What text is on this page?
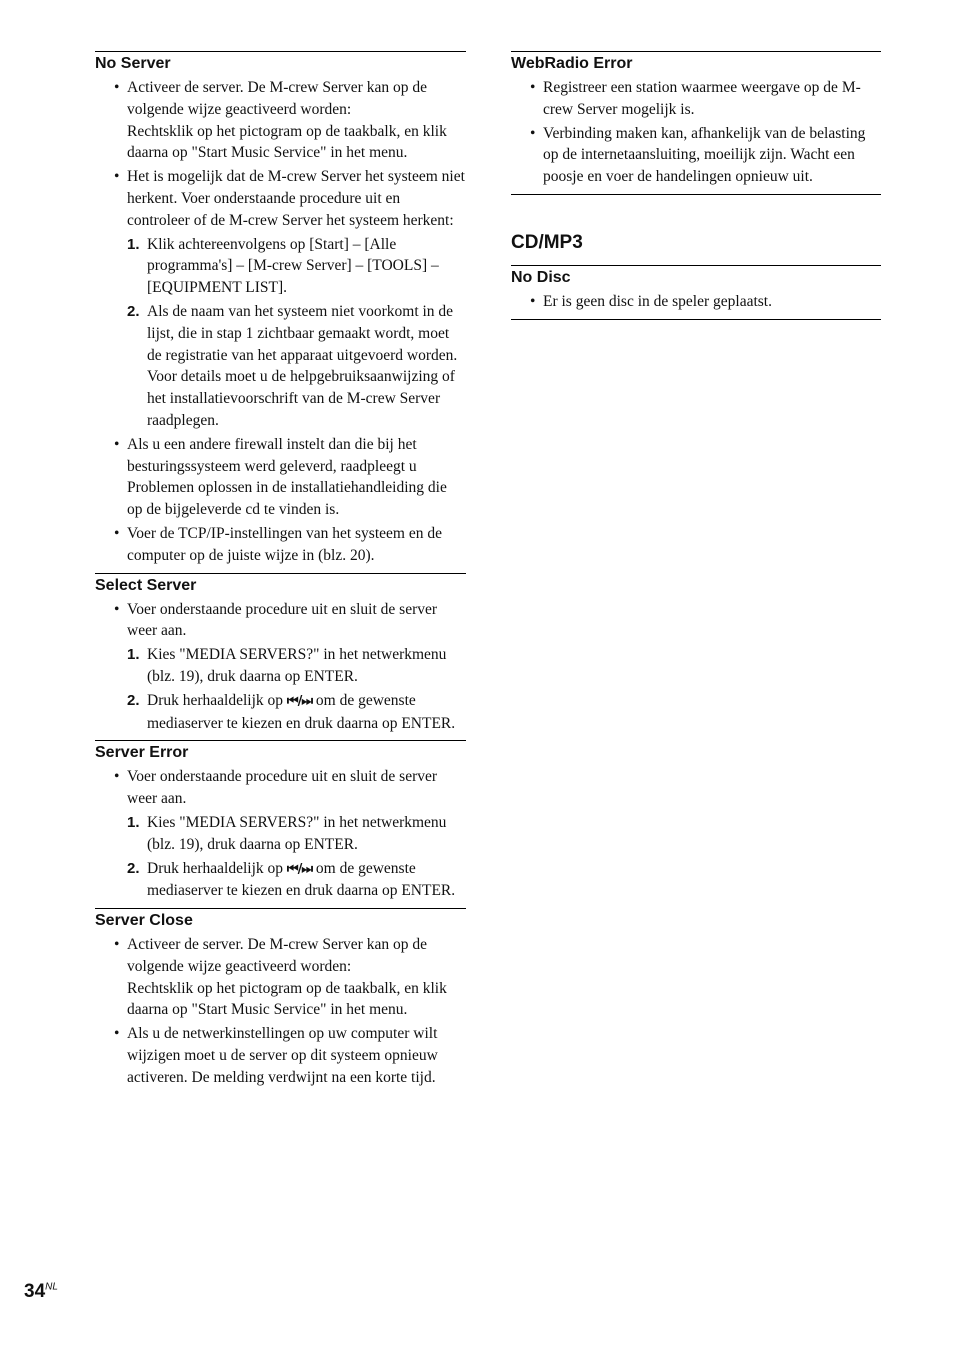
No Server
• Activeer de server. De M-crew Server kan op de volgende wijze geactiveerd worden:
Rechtsklik op het pictogram op de taakbalk, en klik daarna op "Start Music Service" in het menu.
• Het is mogelijk dat de M-crew Server het systeem niet herkent. Voer onderstaande procedure uit en controleer of de M-crew Server het systeem herkent:
1. Klik achtereenvolgens op [Start] – [Alle programma's] – [M-crew Server] – [TOOLS] – [EQUIPMENT LIST].
2. Als de naam van het systeem niet voorkomt in de lijst, die in stap 1 zichtbaar gemaakt wordt, moet de registratie van het apparaat uitgevoerd worden. Voor details moet u de helpgebruiksaanwijzing of het installatievoorschrift van de M-crew Server raadplegen.
• Als u een andere firewall instelt dan die bij het besturingssysteem werd geleverd, raadpleegt u Problemen oplossen in de installatiehandleiding die op de bijgeleverde cd te vinden is.
• Voer de TCP/IP-instellingen van het systeem en de computer op de juiste wijze in (blz. 20).
Select Server
• Voer onderstaande procedure uit en sluit de server weer aan.
1. Kies "MEDIA SERVERS?" in het netwerkmenu (blz. 19), druk daarna op ENTER.
2. Druk herhaaldelijk op ⏮/⏭ om de gewenste mediaserver te kiezen en druk daarna op ENTER.
Server Error
• Voer onderstaande procedure uit en sluit de server weer aan.
1. Kies "MEDIA SERVERS?" in het netwerkmenu (blz. 19), druk daarna op ENTER.
2. Druk herhaaldelijk op ⏮/⏭ om de gewenste mediaserver te kiezen en druk daarna op ENTER.
Server Close
• Activeer de server. De M-crew Server kan op de volgende wijze geactiveerd worden:
Rechtsklik op het pictogram op de taakbalk, en klik daarna op "Start Music Service" in het menu.
• Als u de netwerkinstellingen op uw computer wilt wijzigen moet u de server op dit systeem opnieuw activeren. De melding verdwijnt na een korte tijd.
WebRadio Error
• Registreer een station waarmee weergave op de M-crew Server mogelijk is.
• Verbinding maken kan, afhankelijk van de belasting op de internetaansluiting, moeilijk zijn. Wacht een poosje en voer de handelingen opnieuw uit.
CD/MP3
No Disc
• Er is geen disc in de speler geplaatst.
$34^{NL}$
